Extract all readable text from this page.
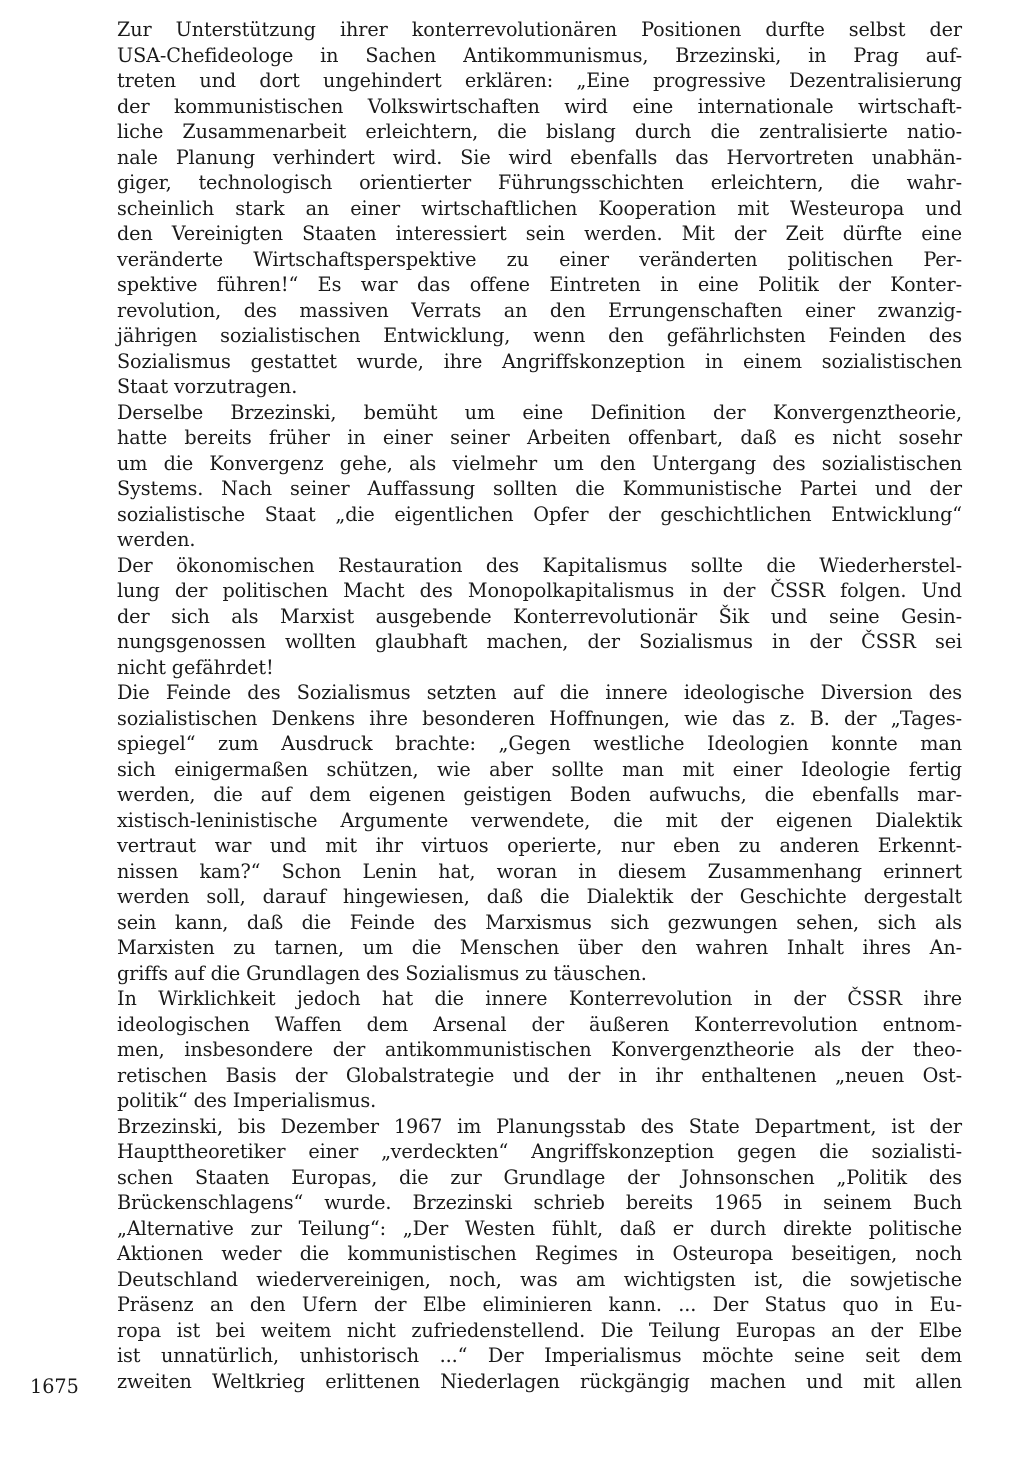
Zur Unterstützung ihrer konterrevolutionären Positionen durfte selbst der
USA-Chefideologe in Sachen Antikommunismus, Brzezinski, in Prag auf-
treten und dort ungehindert erklären: „Eine progressive Dezentralisierung
der kommunistischen Volkswirtschaften wird eine internationale wirtschaft-
liche Zusammenarbeit erleichtern, die bislang durch die zentralisierte natio-
nale Planung verhindert wird. Sie wird ebenfalls das Hervortreten unabhän-
giger, technologisch orientierter Führungsschichten erleichtern, die wahr-
scheinlich stark an einer wirtschaftlichen Kooperation mit Westeuropa und
den Vereinigten Staaten interessiert sein werden. Mit der Zeit dürfte eine
veränderte Wirtschaftsperspektive zu einer veränderten politischen Per-
spektive führen!“ Es war das offene Eintreten in eine Politik der Konter-
revolution, des massiven Verrats an den Errungenschaften einer zwanzig-
jährigen sozialistischen Entwicklung, wenn den gefährlichsten Feinden des
Sozialismus gestattet wurde, ihre Angriffskonzeption in einem sozialistischen
Staat vorzutragen.
Derselbe Brzezinski, bemüht um eine Definition der Konvergenztheorie,
hatte bereits früher in einer seiner Arbeiten offenbart, daß es nicht sosehr
um die Konvergenz gehe, als vielmehr um den Untergang des sozialistischen
Systems. Nach seiner Auffassung sollten die Kommunistische Partei und der
sozialistische Staat „die eigentlichen Opfer der geschichtlichen Entwicklung“
werden.
Der ökonomischen Restauration des Kapitalismus sollte die Wiederherstel-
lung der politischen Macht des Monopolkapitalismus in der ČSSR folgen. Und
der sich als Marxist ausgebende Konterrevolutionär Šik und seine Gesin-
nungsgenossen wollten glaubhaft machen, der Sozialismus in der ČSSR sei
nicht gefährdet!
Die Feinde des Sozialismus setzten auf die innere ideologische Diversion des
sozialistischen Denkens ihre besonderen Hoffnungen, wie das z. B. der „Tages-
spiegel“ zum Ausdruck brachte: „Gegen westliche Ideologien konnte man
sich einigermaßen schützen, wie aber sollte man mit einer Ideologie fertig
werden, die auf dem eigenen geistigen Boden aufwuchs, die ebenfalls mar-
xistisch-leninistische Argumente verwendete, die mit der eigenen Dialektik
vertraut war und mit ihr virtuos operierte, nur eben zu anderen Erkennt-
nissen kam?“ Schon Lenin hat, woran in diesem Zusammenhang erinnert
werden soll, darauf hingewiesen, daß die Dialektik der Geschichte dergestalt
sein kann, daß die Feinde des Marxismus sich gezwungen sehen, sich als
Marxisten zu tarnen, um die Menschen über den wahren Inhalt ihres An-
griffs auf die Grundlagen des Sozialismus zu täuschen.
In Wirklichkeit jedoch hat die innere Konterrevolution in der ČSSR ihre
ideologischen Waffen dem Arsenal der äußeren Konterrevolution entnom-
men, insbesondere der antikommunistischen Konvergenztheorie als der theo-
retischen Basis der Globalstrategie und der in ihr enthaltenen „neuen Ost-
politik“ des Imperialismus.
Brzezinski, bis Dezember 1967 im Planungsstab des State Department, ist der
Haupttheoretiker einer „verdeckten“ Angriffskonzeption gegen die sozialisti-
schen Staaten Europas, die zur Grundlage der Johnsonschen „Politik des
Brückenschlagens“ wurde. Brzezinski schrieb bereits 1965 in seinem Buch
„Alternative zur Teilung“: „Der Westen fühlt, daß er durch direkte politische
Aktionen weder die kommunistischen Regimes in Osteuropa beseitigen, noch
Deutschland wiedervereinigen, noch, was am wichtigsten ist, die sowjetische
Präsenz an den Ufern der Elbe eliminieren kann. ... Der Status quo in Eu-
ropa ist bei weitem nicht zufriedenstellend. Die Teilung Europas an der Elbe
ist unnatürlich, unhistorisch ...“ Der Imperialismus möchte seine seit dem
zweiten Weltkrieg erlittenen Niederlagen rückgängig machen und mit allen
1675
